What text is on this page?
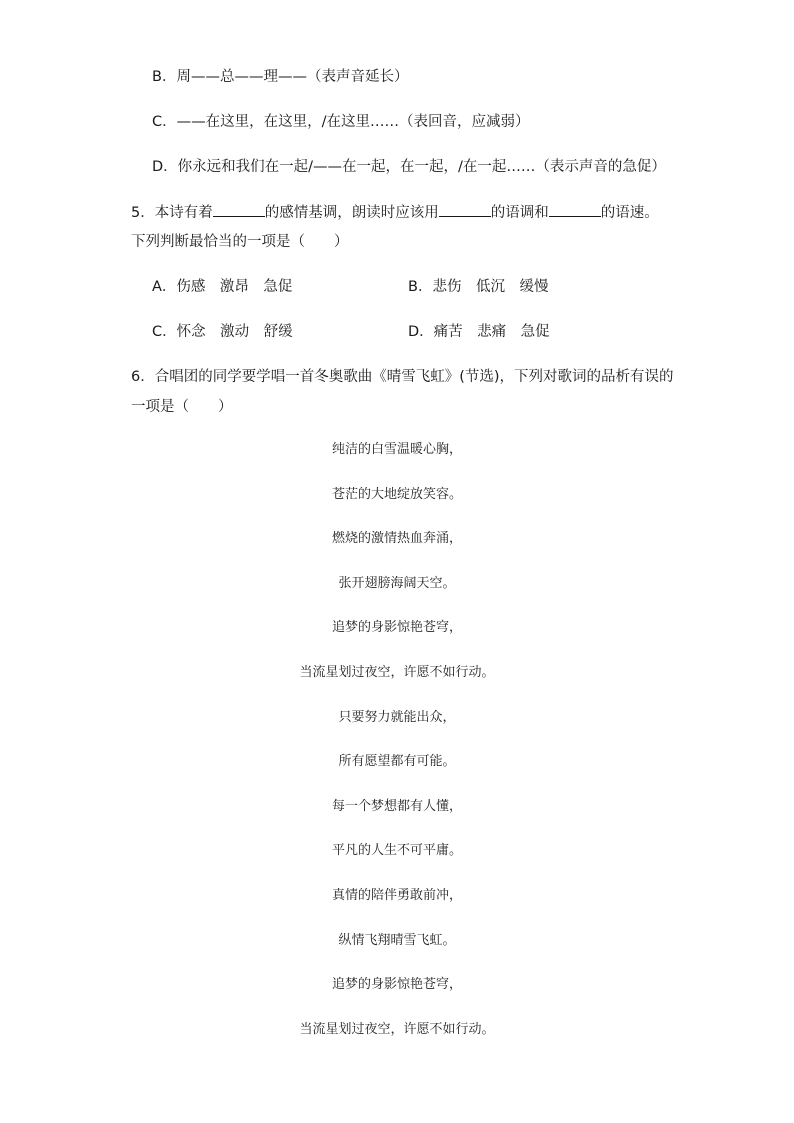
B．周——总——理——（表声音延长）
C．——在这里，在这里，/在这里……（表回音，应减弱）
D．你永远和我们在一起/——在一起，在一起，/在一起……（表示声音的急促）
5．本诗有着	的感情基调，朗读时应该用	的语调和	的语速。
下列判断最恰当的一项是（　　）
A．伤感　激昂　急促	B．悲伤　低沉　缓慢
C．怀念　激动　舒缓	D．痛苦　悲痛　急促
6．合唱团的同学要学唱一首冬奥歌曲《晴雪飞虹》(节选)，下列对歌词的品析有误的
一项是（　　）
纯洁的白雪温暖心胸，
苍茫的大地绽放笑容。
燃烧的激情热血奔涌，
张开翅膀海阔天空。
追梦的身影惊艳苍穹，
当流星划过夜空，许愿不如行动。
只要努力就能出众，
所有愿望都有可能。
每一个梦想都有人懂，
平凡的人生不可平庸。
真情的陪伴勇敢前冲，
纵情飞翔晴雪飞虹。
追梦的身影惊艳苍穹，
当流星划过夜空，许愿不如行动。
